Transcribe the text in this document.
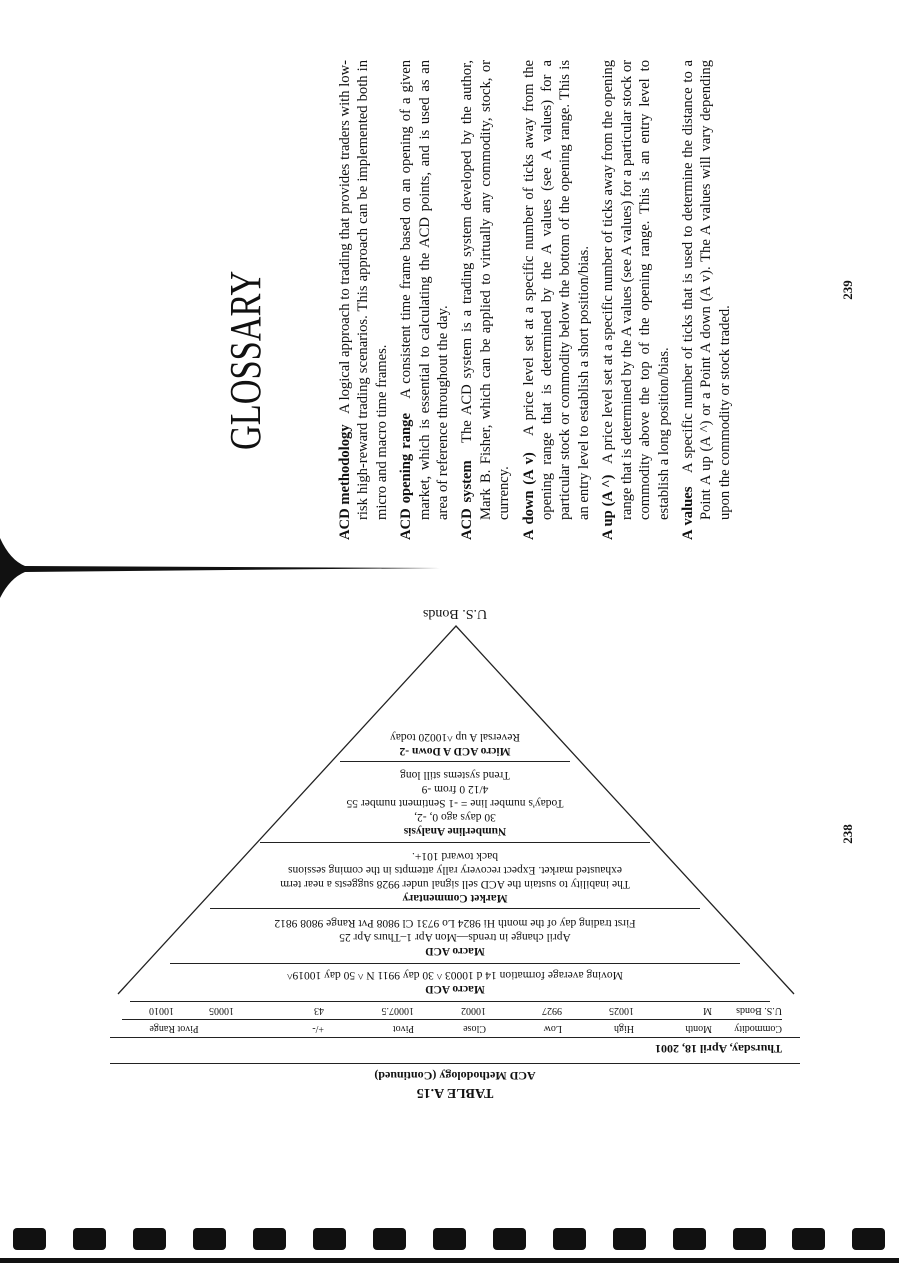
GLOSSARY

ACD methodology   A logical approach to trading that provides traders with low-risk high-reward trading scenarios. This approach can be implemented both in micro and macro time frames. ACD opening range   A consistent time frame based on an opening of a given market, which is essential to calculating the ACD points, and is used as an area of reference throughout the day. ACD system   The ACD system is a trading system developed by the author, Mark B. Fisher, which can be applied to virtually any commodity, stock, or currency. A down (A v)   A price level set at a specific number of ticks away from the opening range that is determined by the A values (see A values) for a particular stock or commodity below the bottom of the opening range. This is an entry level to establish a short position/bias. A up (A ^)   A price level set at a specific number of ticks away from the opening range that is determined by the A values (see A values) for a particular stock or commodity above the top of the opening range. This is an entry level to establish a long position/bias. A values   A specific number of ticks that is used to determine the distance to a Point A up (A ^) or a Point A down (A v). The A values will vary depending upon the commodity or stock traded.

239
238
TABLE A.15
ACD Methodology (Continued)
Thursday, April 18, 2001
Commodity
Month
High
Low
Close
Pivot
+/-
Pivot Range
U.S. Bonds
M
10025
9927
10002
10007.5
43
10005
10010
Macro ACD
Moving average formation 14 d 10003 ^ 30 day 9911 N ^ 50 day 10019^
Macro ACD
April change in trends—Mon Apr 1–Thurs Apr 25
First trading day of the month Hi 9824 Lo 9731 Cl 9808 Pvt Range 9808 9812
Market Commentary
The inability to sustain the ACD sell signal under 9928 suggests a near term
exhausted market. Expect recovery rally attempts in the coming sessions
back toward 101+.
Numberline Analysis
30 days ago 0, -2,
Today's number line = -1 Sentiment number 55
4/12 0 from -9
Trend systems still long
Micro ACD A Down -2
Reversal A up ^10020 today
U.S. Bonds
